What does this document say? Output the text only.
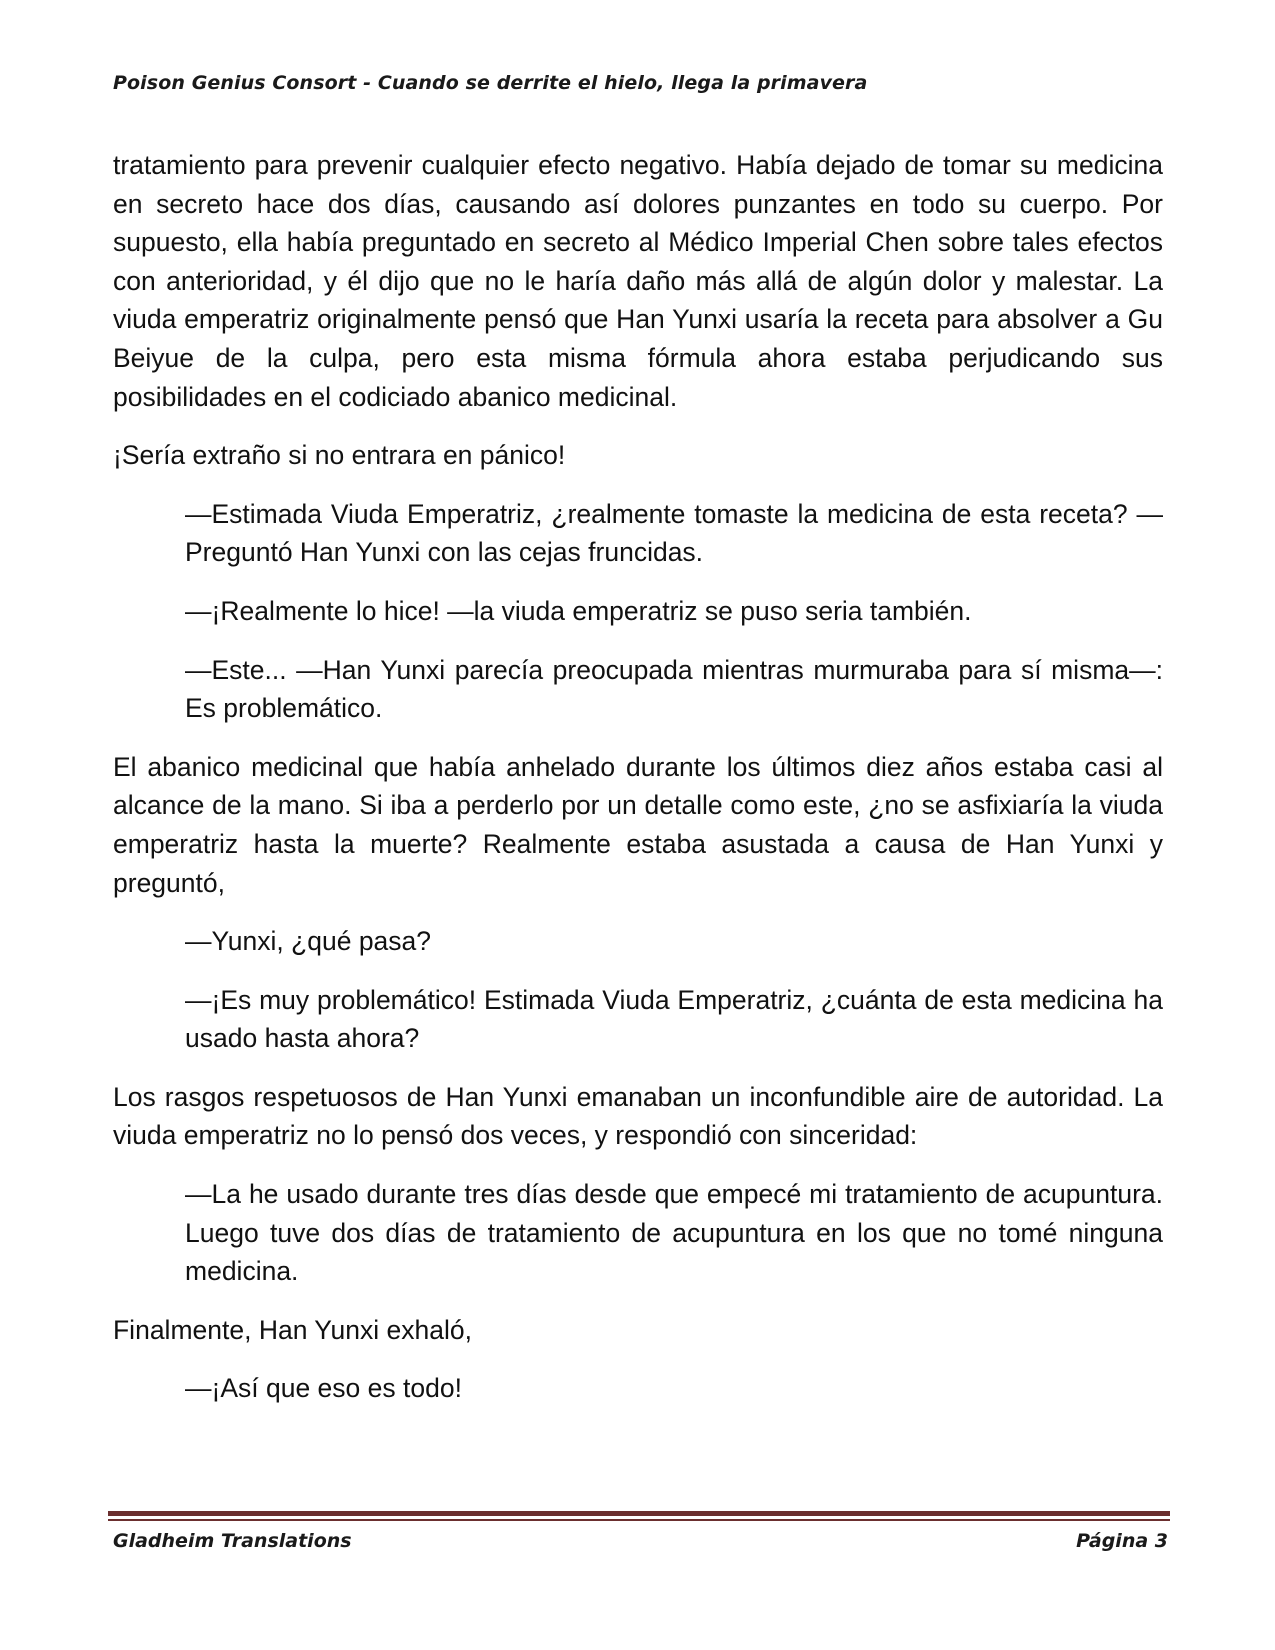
Poison Genius Consort - Cuando se derrite el hielo, llega la primavera

tratamiento para prevenir cualquier efecto negativo. Había dejado de tomar su medicina en secreto hace dos días, causando así dolores punzantes en todo su cuerpo. Por supuesto, ella había preguntado en secreto al Médico Imperial Chen sobre tales efectos con anterioridad, y él dijo que no le haría daño más allá de algún dolor y malestar. La viuda emperatriz originalmente pensó que Han Yunxi usaría la receta para absolver a Gu Beiyue de la culpa, pero esta misma fórmula ahora estaba perjudicando sus posibilidades en el codiciado abanico medicinal.

¡Sería extraño si no entrara en pánico!

—Estimada Viuda Emperatriz, ¿realmente tomaste la medicina de esta receta? —Preguntó Han Yunxi con las cejas fruncidas.

—¡Realmente lo hice! —la viuda emperatriz se puso seria también.

—Este... —Han Yunxi parecía preocupada mientras murmuraba para sí misma—: Es problemático.

El abanico medicinal que había anhelado durante los últimos diez años estaba casi al alcance de la mano. Si iba a perderlo por un detalle como este, ¿no se asfixiaría la viuda emperatriz hasta la muerte? Realmente estaba asustada a causa de Han Yunxi y preguntó,

—Yunxi, ¿qué pasa?

—¡Es muy problemático! Estimada Viuda Emperatriz, ¿cuánta de esta medicina ha usado hasta ahora?

Los rasgos respetuosos de Han Yunxi emanaban un inconfundible aire de autoridad. La viuda emperatriz no lo pensó dos veces, y respondió con sinceridad:

—La he usado durante tres días desde que empecé mi tratamiento de acupuntura. Luego tuve dos días de tratamiento de acupuntura en los que no tomé ninguna medicina.

Finalmente, Han Yunxi exhaló,

—¡Así que eso es todo!

Gladheim Translations	Página 3
